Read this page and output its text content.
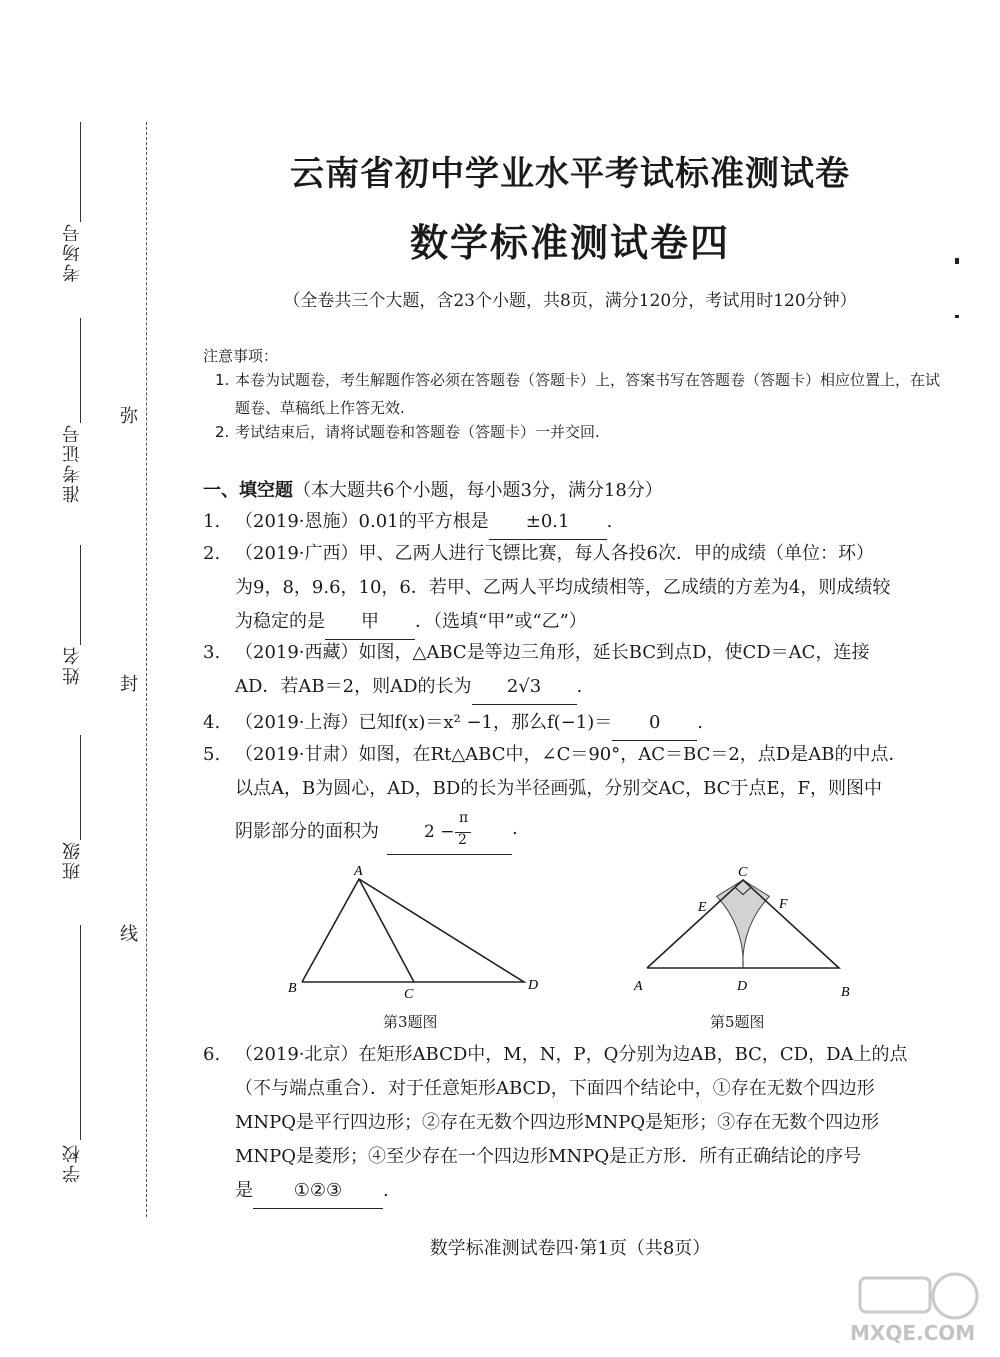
考场号
准考证号
姓名
班级
学校
弥
封
线
云南省初中学业水平考试标准测试卷
数学标准测试卷四
（全卷共三个大题，含23个小题，共8页，满分120分，考试用时120分钟）
注意事项：
1. 本卷为试题卷，考生解题作答必须在答题卷（答题卡）上，答案书写在答题卷（答题卡）相应位置上，在试题卷、草稿纸上作答无效.
2. 考试结束后，请将试题卷和答题卷（答题卡）一并交回.
一、填空题（本大题共6个小题，每小题3分，满分18分）
1. （2019·恩施）0.01的平方根是 ±0.1 .
2. （2019·广西）甲、乙两人进行飞镖比赛，每人各投6次．甲的成绩（单位：环）
为9，8，9.6，10，6．若甲、乙两人平均成绩相等，乙成绩的方差为4，则成绩较
为稳定的是 甲 ．（选填“甲”或“乙”）
3. （2019·西藏）如图，△ABC是等边三角形，延长BC到点D，使CD＝AC，连接
AD．若AB＝2，则AD的长为 2√3 .
4. （2019·上海）已知f(x)＝x² −1，那么f(−1)＝ 0 .
5. （2019·甘肃）如图，在Rt△ABC中，∠C＝90°，AC＝BC＝2，点D是AB的中点．
以点A，B为圆心，AD，BD的长为半径画弧，分别交AC，BC于点E，F，则图中
阴影部分的面积为	2 −
π
2
.
A
B	C
D
第3题图
C
E	F
A	D	B
第5题图
6. （2019·北京）在矩形ABCD中，M，N，P，Q分别为边AB，BC，CD，DA上的点
（不与端点重合）．对于任意矩形ABCD，下面四个结论中，①存在无数个四边形
MNPQ是平行四边形；②存在无数个四边形MNPQ是矩形；③存在无数个四边形
MNPQ是菱形；④至少存在一个四边形MNPQ是正方形．所有正确结论的序号
是 ①②③ .
数学标准测试卷四·第1页（共8页）
MXQE.COM
